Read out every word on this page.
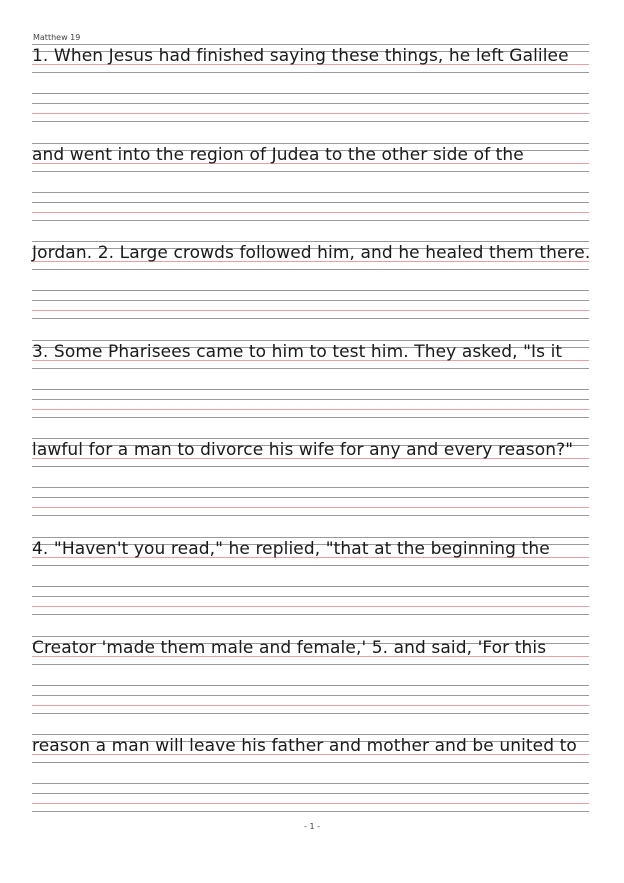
Matthew 19
1. When Jesus had finished saying these things, he left Galilee
and went into the region of Judea to the other side of the
Jordan. 2. Large crowds followed him, and he healed them there.
3. Some Pharisees came to him to test him. They asked, "Is it
lawful for a man to divorce his wife for any and every reason?"
4. "Haven't you read," he replied, "that at the beginning the
Creator 'made them male and female,' 5. and said, 'For this
reason a man will leave his father and mother and be united to
- 1 -
